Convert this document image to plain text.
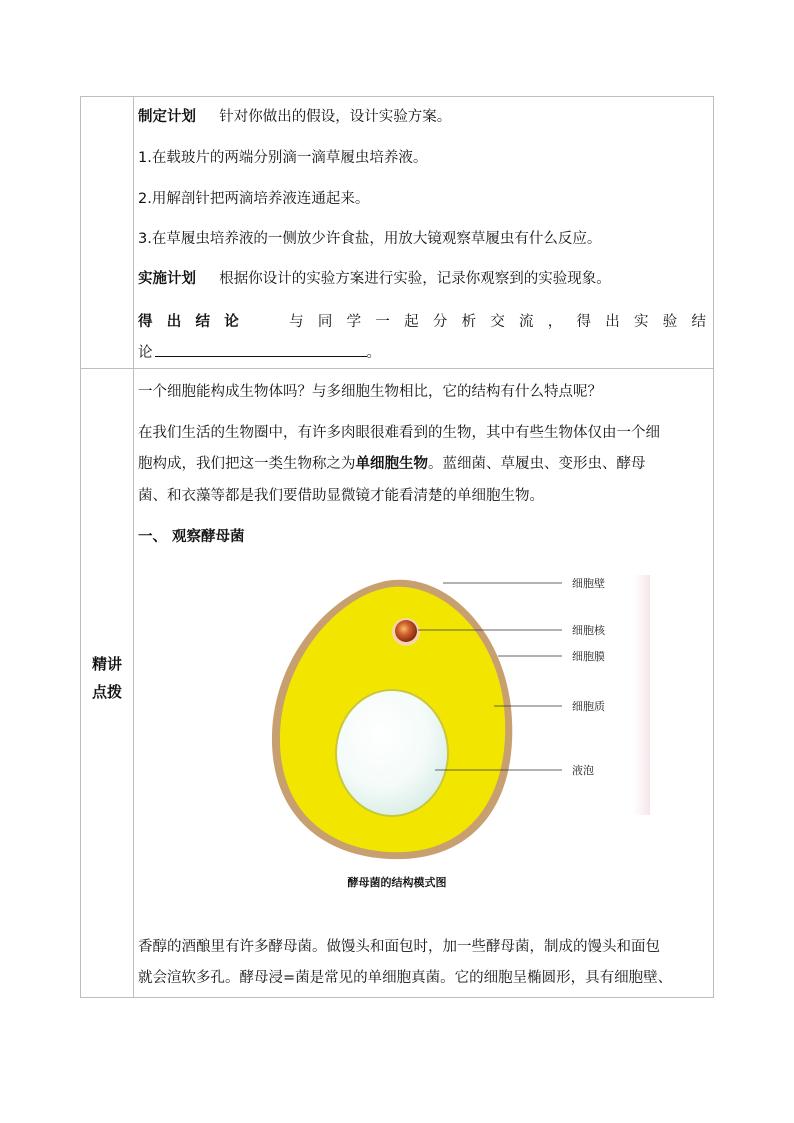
精讲
点拨
制定计划 针对你做出的假设，设计实验方案。
1.在载玻片的两端分别滴一滴草履虫培养液。
2.用解剖针把两滴培养液连通起来。
3.在草履虫培养液的一侧放少许食盐，用放大镜观察草履虫有什么反应。
实施计划 根据你设计的实验方案进行实验，记录你观察到的实验现象。
得 出 结 论	与 同 学 一 起 分 析 交 流 ， 得 出 实 验 结
论	。
一个细胞能构成生物体吗？与多细胞生物相比，它的结构有什么特点呢？
在我们生活的生物圈中，有许多肉眼很难看到的生物，其中有些生物体仅由一个细
胞构成，我们把这一类生物称之为单细胞生物。蓝细菌、草履虫、变形虫、酵母
菌、和衣藻等都是我们要借助显微镜才能看清楚的单细胞生物。
一、 观察酵母菌
细胞壁
细胞核
细胞膜
细胞质
液泡
酵母菌的结构模式图
香醇的酒酿里有许多酵母菌。做馒头和面包时，加一些酵母菌，制成的馒头和面包
就会渲软多孔。酵母浸=菌是常见的单细胞真菌。它的细胞呈椭圆形，具有细胞壁、
